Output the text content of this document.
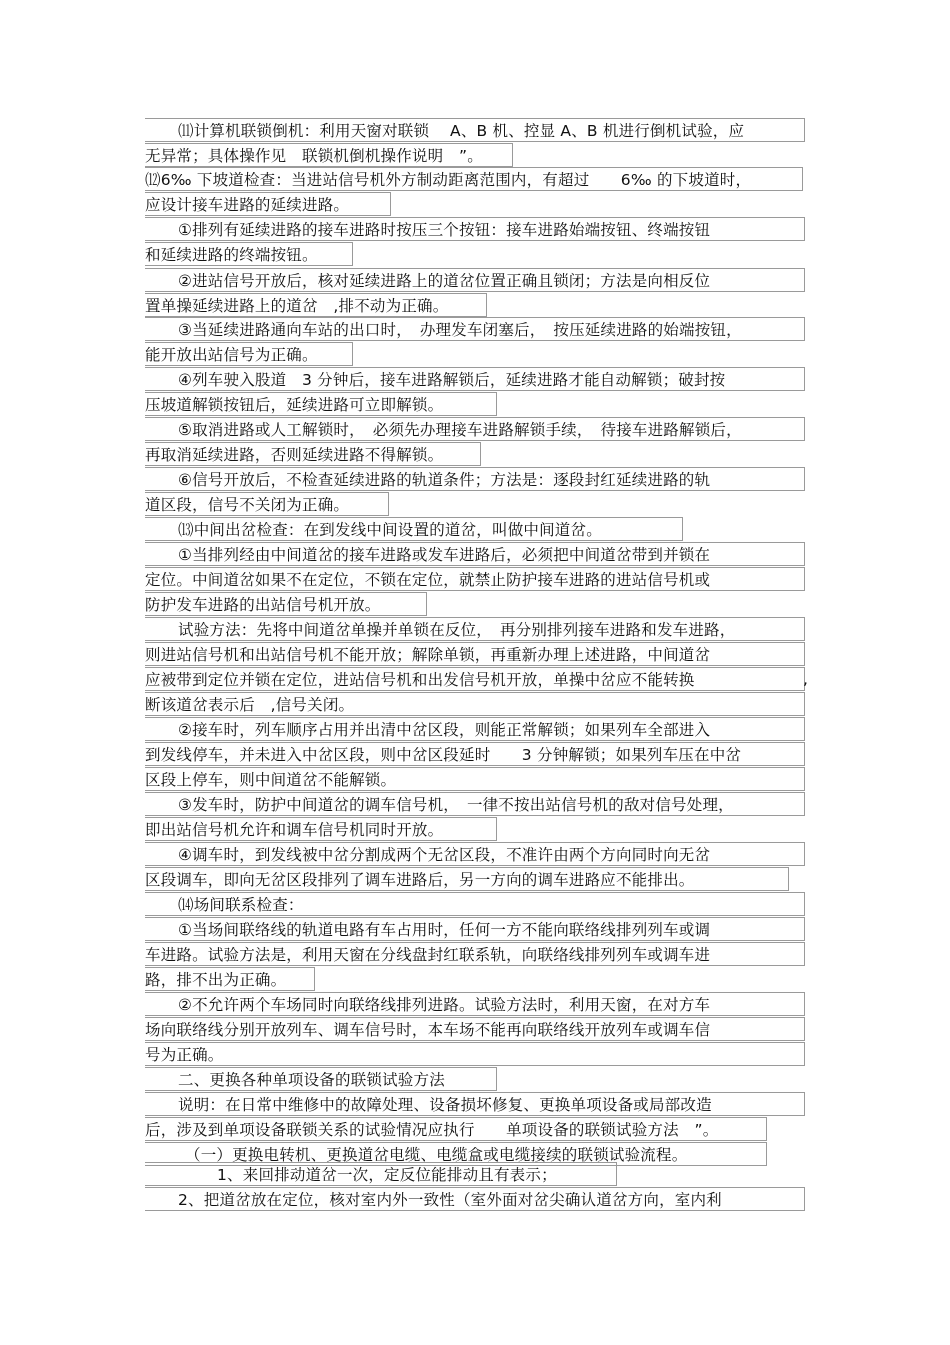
⑾计算机联锁倒机：利用天窗对联锁　 A、B 机、控显 A、B 机进行倒机试验，应
无异常；具体操作见　联锁机倒机操作说明　”。
⑿6‰ 下坡道检查：当进站信号机外方制动距离范围内，有超过　　6‰ 的下坡道时，
应设计接车进路的延续进路。
①排列有延续进路的接车进路时按压三个按钮：接车进路始端按钮、终端按钮
和延续进路的终端按钮。
②进站信号开放后，核对延续进路上的道岔位置正确且锁闭；方法是向相反位
置单操延续进路上的道岔　,排不动为正确。
③当延续进路通向车站的出口时，　办理发车闭塞后，　按压延续进路的始端按钮，
能开放出站信号为正确。
④列车驶入股道　3 分钟后，接车进路解锁后，延续进路才能自动解锁；破封按
压坡道解锁按钮后，延续进路可立即解锁。
⑤取消进路或人工解锁时，　必须先办理接车进路解锁手续，　待接车进路解锁后，
再取消延续进路，否则延续进路不得解锁。
⑥信号开放后，不检查延续进路的轨道条件；方法是：逐段封红延续进路的轨
道区段，信号不关闭为正确。
⒀中间出岔检查：在到发线中间设置的道岔，叫做中间道岔。
①当排列经由中间道岔的接车进路或发车进路后，必须把中间道岔带到并锁在
定位。中间道岔如果不在定位，不锁在定位，就禁止防护接车进路的进站信号机或
防护发车进路的出站信号机开放。
试验方法：先将中间道岔单操并单锁在反位，　再分别排列接车进路和发车进路，
则进站信号机和出站信号机不能开放；解除单锁，再重新办理上述进路，中间道岔
应被带到定位并锁在定位，进站信号机和出发信号机开放，单操中岔应不能转换	,
断该道岔表示后　,信号关闭。
②接车时，列车顺序占用并出清中岔区段，则能正常解锁；如果列车全部进入
到发线停车，并未进入中岔区段，则中岔区段延时　　3 分钟解锁；如果列车压在中岔
区段上停车，则中间道岔不能解锁。
③发车时，防护中间道岔的调车信号机，　一律不按出站信号机的敌对信号处理，
即出站信号机允许和调车信号机同时开放。
④调车时，到发线被中岔分割成两个无岔区段，不准许由两个方向同时向无岔
区段调车，即向无岔区段排列了调车进路后，另一方向的调车进路应不能排出。
⒁场间联系检查：
①当场间联络线的轨道电路有车占用时，任何一方不能向联络线排列列车或调
车进路。试验方法是，利用天窗在分线盘封红联系轨，向联络线排列列车或调车进
路，排不出为正确。
②不允许两个车场同时向联络线排列进路。试验方法时，利用天窗，在对方车
场向联络线分别开放列车、调车信号时，本车场不能再向联络线开放列车或调车信
号为正确。
二、更换各种单项设备的联锁试验方法
说明：在日常中维修中的故障处理、设备损坏修复、更换单项设备或局部改造
后，涉及到单项设备联锁关系的试验情况应执行　　单项设备的联锁试验方法　”。
（一）更换电转机、更换道岔电缆、电缆盒或电缆接续的联锁试验流程。
1、来回排动道岔一次，定反位能排动且有表示；
2、把道岔放在定位，核对室内外一致性（室外面对岔尖确认道岔方向，室内利
